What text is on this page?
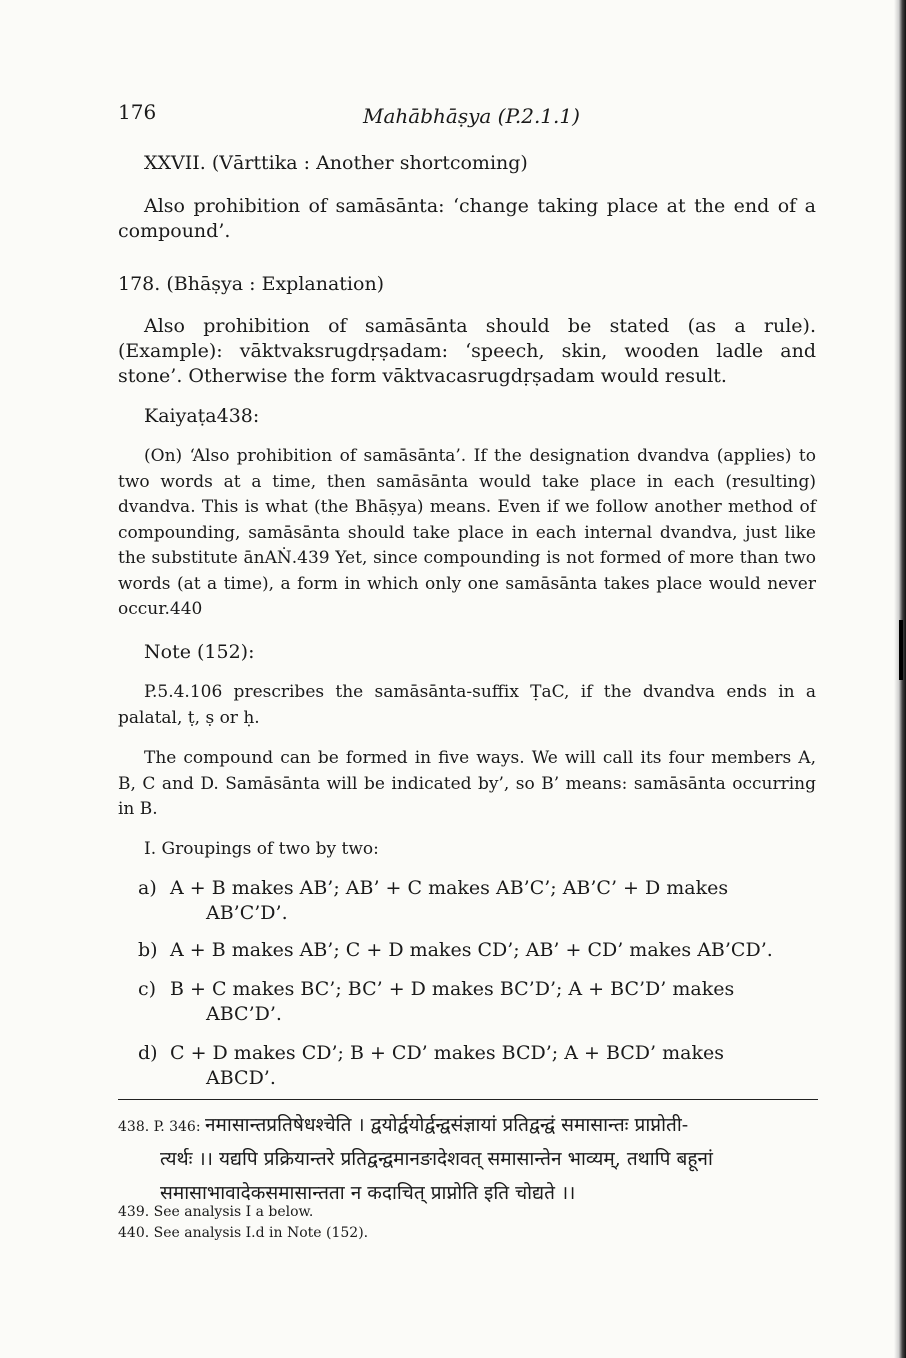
176	Mahābhāṣya (P.2.1.1)
XXVII. (Vārttika : Another shortcoming)
Also prohibition of samāsānta: ‘change taking place at the end of a compound’.
178. (Bhāṣya : Explanation)
Also prohibition of samāsānta should be stated (as a rule). (Example): vāktvaksrugdṛṣadam: ‘speech, skin, wooden ladle and stone’. Otherwise the form vāktvacasrugdṛṣadam would result.
Kaiyaṭa438:
(On) ‘Also prohibition of samāsānta’. If the designation dvandva (applies) to two words at a time, then samāsānta would take place in each (resulting) dvandva. This is what (the Bhāṣya) means. Even if we follow another method of compounding, samāsānta should take place in each internal dvandva, just like the substitute ānAṄ.439 Yet, since compounding is not formed of more than two words (at a time), a form in which only one samāsānta takes place would never occur.440
Note (152):
P.5.4.106 prescribes the samāsānta-suffix ṬaC, if the dvandva ends in a palatal, ṭ, ṣ or ḥ.
The compound can be formed in five ways. We will call its four members A, B, C and D. Samāsānta will be indicated by’, so B’ means: samāsānta occurring in B.
I. Groupings of two by two:
a) A + B makes AB’; AB’ + C makes AB’C’; AB’C’ + D makes
AB’C’D’.
b) A + B makes AB’; C + D makes CD’; AB’ + CD’ makes AB’CD’.
c) B + C makes BC’; BC’ + D makes BC’D’; A + BC’D’ makes
ABC’D’.
d) C + D makes CD’; B + CD’ makes BCD’; A + BCD’ makes
ABCD’.
438. P. 346: नमासान्तप्रतिषेधश्चेति । द्वयोर्द्वयोर्द्वन्द्वसंज्ञायां प्रतिद्वन्द्वं समासान्तः प्राप्नोती-
त्यर्थः ।। यद्यपि प्रक्रियान्तरे प्रतिद्वन्द्वमानङादेशवत् समासान्तेन भाव्यम्, तथापि बहूनां
समासाभावादेकसमासान्तता न कदाचित् प्राप्नोति इति चोद्यते ।।
439. See analysis I a below.
440. See analysis I.d in Note (152).
